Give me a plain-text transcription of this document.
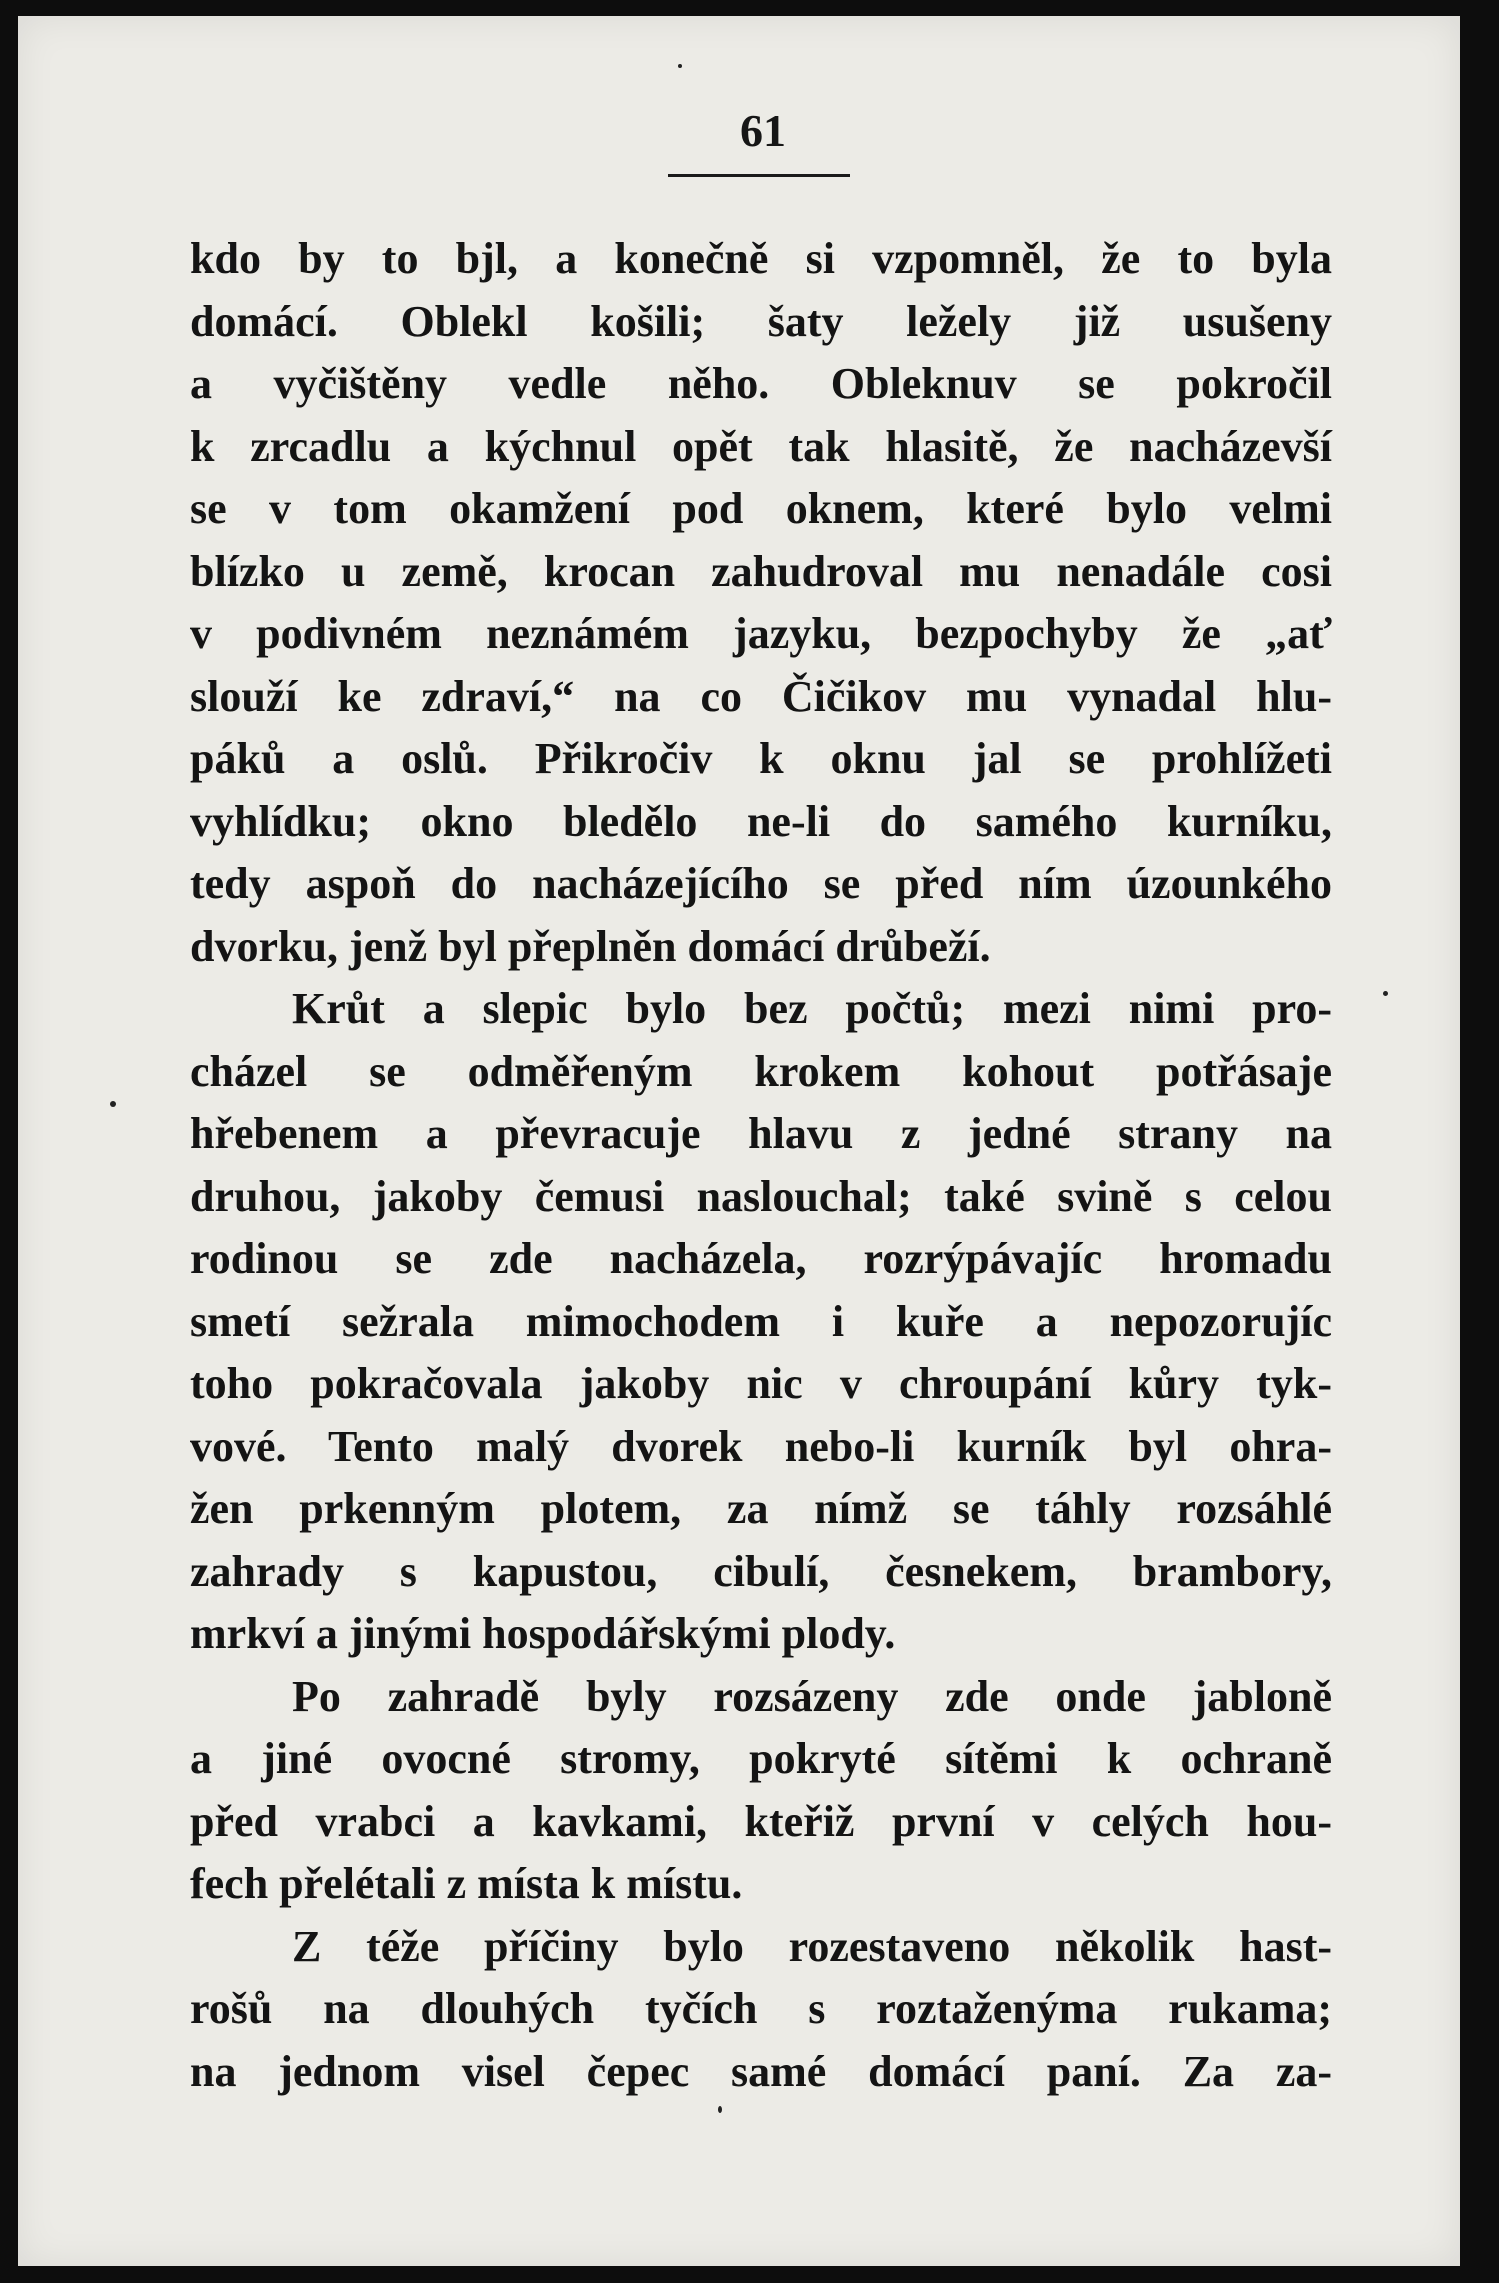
61
kdo by to bjl, a konečně si vzpomněl, že to byla
domácí. Oblekl košili; šaty ležely již usušeny
a vyčištěny vedle něho. Obleknuv se pokročil
k zrcadlu a kýchnul opět tak hlasitě, že nacházevší
se v tom okamžení pod oknem, které bylo velmi
blízko u země, krocan zahudroval mu nenadále cosi
v podivném neznámém jazyku, bezpochyby že „ať
slouží ke zdraví,“ na co Čičikov mu vynadal hlu-
páků a oslů. Přikročiv k oknu jal se prohlížeti
vyhlídku; okno bledělo ne-li do samého kurníku,
tedy aspoň do nacházejícího se před ním úzounkého
dvorku, jenž byl přeplněn domácí drůbeží.
Krůt a slepic bylo bez počtů; mezi nimi pro-
cházel se odměřeným krokem kohout potřásaje
hřebenem a převracuje hlavu z jedné strany na
druhou, jakoby čemusi naslouchal; také svině s celou
rodinou se zde nacházela, rozrýpávajíc hromadu
smetí sežrala mimochodem i kuře a nepozorujíc
toho pokračovala jakoby nic v chroupání kůry tyk-
vové. Tento malý dvorek nebo-li kurník byl ohra-
žen prkenným plotem, za nímž se táhly rozsáhlé
zahrady s kapustou, cibulí, česnekem, brambory,
mrkví a jinými hospodářskými plody.
Po zahradě byly rozsázeny zde onde jabloně
a jiné ovocné stromy, pokryté sítěmi k ochraně
před vrabci a kavkami, kteřiž první v celých hou-
fech přelétali z místa k místu.
Z téže příčiny bylo rozestaveno několik hast-
rošů na dlouhých tyčích s roztaženýma rukama;
na jednom visel čepec samé domácí paní. Za za-
